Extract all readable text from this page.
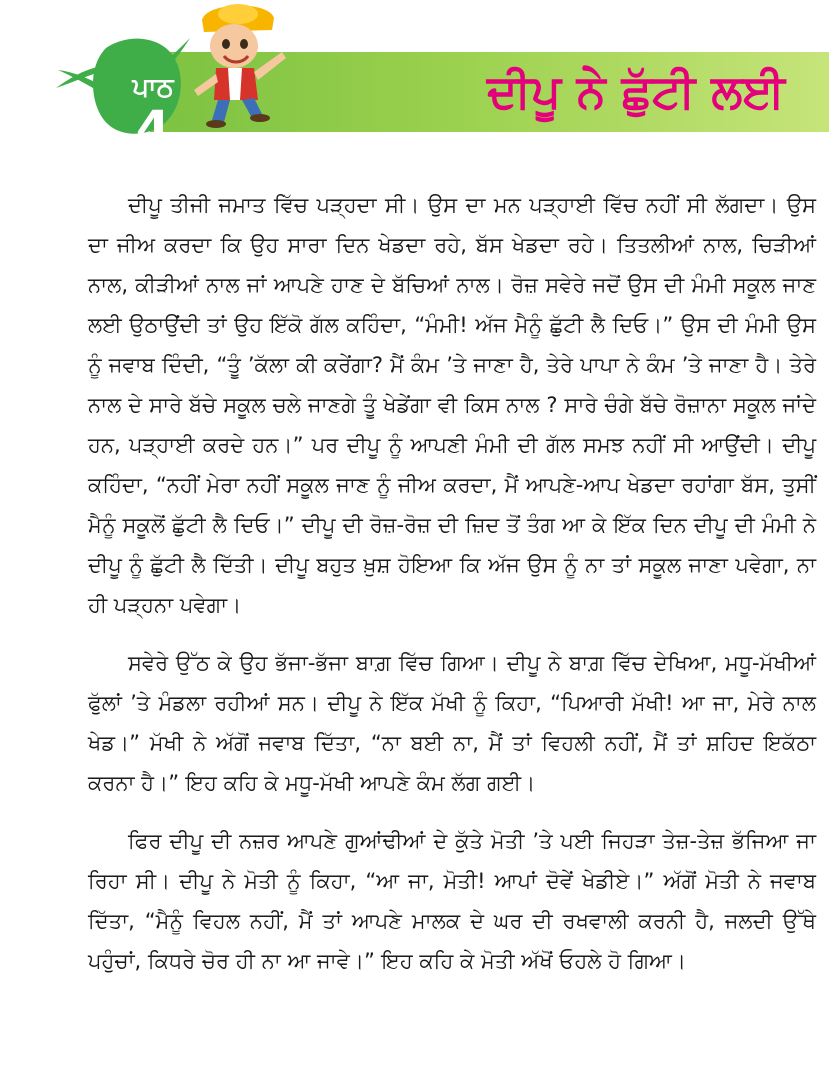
ਦੀਪੂ ਨੇ ਛੁੱਟੀ ਲਈ
ਪਾਠ
4

ਦੀਪੂ ਤੀਜੀ ਜਮਾਤ ਵਿੱਚ ਪੜ੍ਹਦਾ ਸੀ। ਉਸ ਦਾ ਮਨ ਪੜ੍ਹਾਈ ਵਿੱਚ ਨਹੀਂ ਸੀ ਲੱਗਦਾ। ਉਸ ਦਾ ਜੀਅ ਕਰਦਾ ਕਿ ਉਹ ਸਾਰਾ ਦਿਨ ਖੇਡਦਾ ਰਹੇ, ਬੱਸ ਖੇਡਦਾ ਰਹੇ। ਤਿਤਲੀਆਂ ਨਾਲ, ਚਿੜੀਆਂ ਨਾਲ, ਕੀੜੀਆਂ ਨਾਲ ਜਾਂ ਆਪਣੇ ਹਾਣ ਦੇ ਬੱਚਿਆਂ ਨਾਲ। ਰੋਜ਼ ਸਵੇਰੇ ਜਦੋਂ ਉਸ ਦੀ ਮੰਮੀ ਸਕੂਲ ਜਾਣ ਲਈ ਉਠਾਉਂਦੀ ਤਾਂ ਉਹ ਇੱਕੋ ਗੱਲ ਕਹਿੰਦਾ, “ਮੰਮੀ! ਅੱਜ ਮੈਨੂੰ ਛੁੱਟੀ ਲੈ ਦਿਓ।” ਉਸ ਦੀ ਮੰਮੀ ਉਸ ਨੂੰ ਜਵਾਬ ਦਿੰਦੀ, “ਤੂੰ ’ਕੱਲਾ ਕੀ ਕਰੇਂਗਾ? ਮੈਂ ਕੰਮ ’ਤੇ ਜਾਣਾ ਹੈ, ਤੇਰੇ ਪਾਪਾ ਨੇ ਕੰਮ ’ਤੇ ਜਾਣਾ ਹੈ। ਤੇਰੇ ਨਾਲ ਦੇ ਸਾਰੇ ਬੱਚੇ ਸਕੂਲ ਚਲੇ ਜਾਣਗੇ ਤੂੰ ਖੇਡੇਂਗਾ ਵੀ ਕਿਸ ਨਾਲ ? ਸਾਰੇ ਚੰਗੇ ਬੱਚੇ ਰੋਜ਼ਾਨਾ ਸਕੂਲ ਜਾਂਦੇ ਹਨ, ਪੜ੍ਹਾਈ ਕਰਦੇ ਹਨ।” ਪਰ ਦੀਪੂ ਨੂੰ ਆਪਣੀ ਮੰਮੀ ਦੀ ਗੱਲ ਸਮਝ ਨਹੀਂ ਸੀ ਆਉਂਦੀ। ਦੀਪੂ ਕਹਿੰਦਾ, “ਨਹੀਂ ਮੇਰਾ ਨਹੀਂ ਸਕੂਲ ਜਾਣ ਨੂੰ ਜੀਅ ਕਰਦਾ, ਮੈਂ ਆਪਣੇ-ਆਪ ਖੇਡਦਾ ਰਹਾਂਗਾ ਬੱਸ, ਤੁਸੀਂ ਮੈਨੂੰ ਸਕੂਲੋਂ ਛੁੱਟੀ ਲੈ ਦਿਓ।” ਦੀਪੂ ਦੀ ਰੋਜ਼-ਰੋਜ਼ ਦੀ ਜ਼ਿਦ ਤੋਂ ਤੰਗ ਆ ਕੇ ਇੱਕ ਦਿਨ ਦੀਪੂ ਦੀ ਮੰਮੀ ਨੇ ਦੀਪੂ ਨੂੰ ਛੁੱਟੀ ਲੈ ਦਿੱਤੀ। ਦੀਪੂ ਬਹੁਤ ਖ਼ੁਸ਼ ਹੋਇਆ ਕਿ ਅੱਜ ਉਸ ਨੂੰ ਨਾ ਤਾਂ ਸਕੂਲ ਜਾਣਾ ਪਵੇਗਾ, ਨਾ ਹੀ ਪੜ੍ਹਨਾ ਪਵੇਗਾ।

ਸਵੇਰੇ ਉੱਠ ਕੇ ਉਹ ਭੱਜਾ-ਭੱਜਾ ਬਾਗ਼ ਵਿੱਚ ਗਿਆ। ਦੀਪੂ ਨੇ ਬਾਗ਼ ਵਿੱਚ ਦੇਖਿਆ, ਮਧੂ-ਮੱਖੀਆਂ ਫੁੱਲਾਂ ’ਤੇ ਮੰਡਲਾ ਰਹੀਆਂ ਸਨ। ਦੀਪੂ ਨੇ ਇੱਕ ਮੱਖੀ ਨੂੰ ਕਿਹਾ, “ਪਿਆਰੀ ਮੱਖੀ! ਆ ਜਾ, ਮੇਰੇ ਨਾਲ ਖੇਡ।” ਮੱਖੀ ਨੇ ਅੱਗੋਂ ਜਵਾਬ ਦਿੱਤਾ, “ਨਾ ਬਈ ਨਾ, ਮੈਂ ਤਾਂ ਵਿਹਲੀ ਨਹੀਂ, ਮੈਂ ਤਾਂ ਸ਼ਹਿਦ ਇਕੱਠਾ ਕਰਨਾ ਹੈ।” ਇਹ ਕਹਿ ਕੇ ਮਧੂ-ਮੱਖੀ ਆਪਣੇ ਕੰਮ ਲੱਗ ਗਈ।

ਫਿਰ ਦੀਪੂ ਦੀ ਨਜ਼ਰ ਆਪਣੇ ਗੁਆਂਢੀਆਂ ਦੇ ਕੁੱਤੇ ਮੋਤੀ ’ਤੇ ਪਈ ਜਿਹੜਾ ਤੇਜ਼-ਤੇਜ਼ ਭੱਜਿਆ ਜਾ ਰਿਹਾ ਸੀ। ਦੀਪੂ ਨੇ ਮੋਤੀ ਨੂੰ ਕਿਹਾ, “ਆ ਜਾ, ਮੋਤੀ! ਆਪਾਂ ਦੋਵੇਂ ਖੇਡੀਏ।” ਅੱਗੋਂ ਮੋਤੀ ਨੇ ਜਵਾਬ ਦਿੱਤਾ, “ਮੈਨੂੰ ਵਿਹਲ ਨਹੀਂ, ਮੈਂ ਤਾਂ ਆਪਣੇ ਮਾਲਕ ਦੇ ਘਰ ਦੀ ਰਖਵਾਲੀ ਕਰਨੀ ਹੈ, ਜਲਦੀ ਉੱਥੇ ਪਹੁੰਚਾਂ, ਕਿਧਰੇ ਚੋਰ ਹੀ ਨਾ ਆ ਜਾਵੇ।” ਇਹ ਕਹਿ ਕੇ ਮੋਤੀ ਅੱਖੋਂ ਓਹਲੇ ਹੋ ਗਿਆ।
